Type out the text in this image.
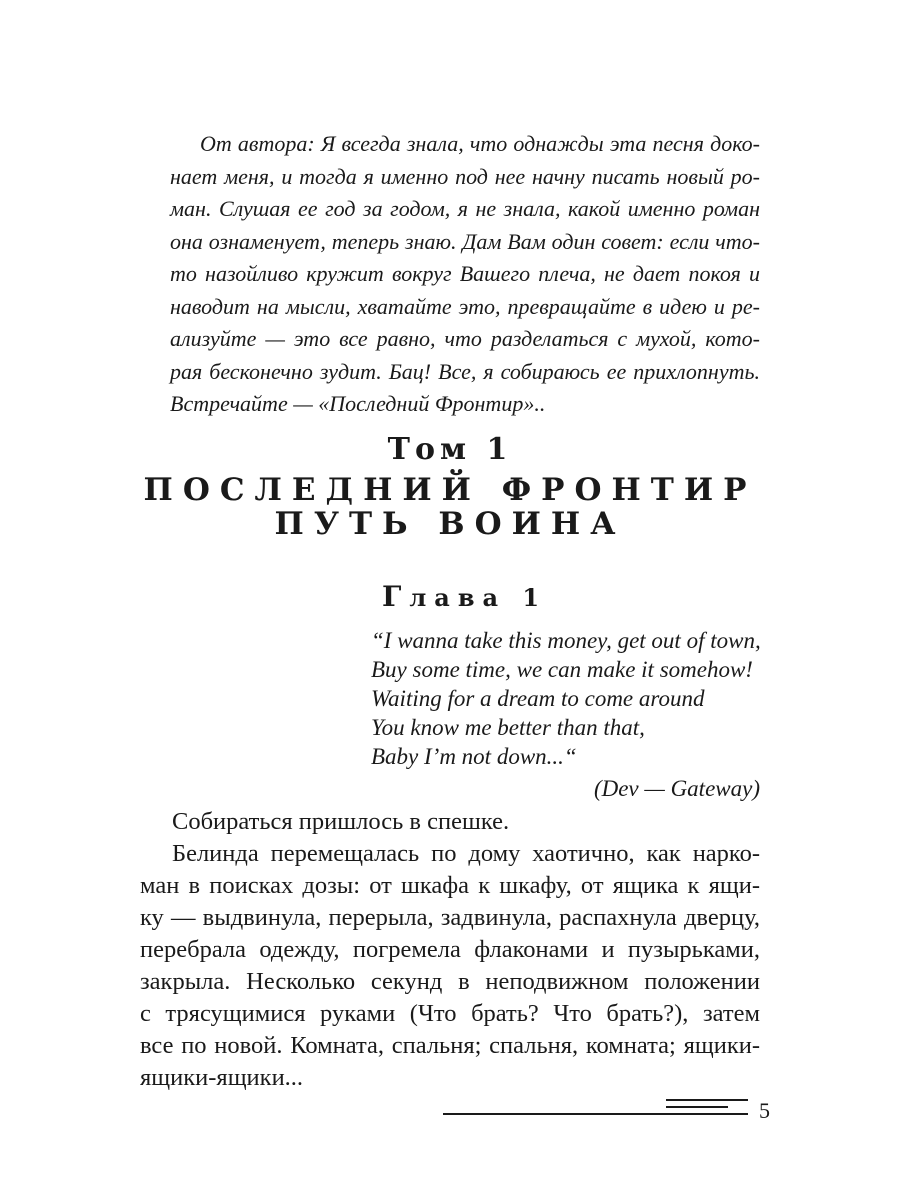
От автора: Я всегда знала, что однажды эта песня дoко-
нает меня, и тогда я именно под нее начну писать новый ро-
ман. Слушая ее год за годом, я не знала, какой именно роман
она ознаменует, теперь знаю. Дам Вам один совет: если что-
то назойливо кружит вокруг Вашего плеча, не дает покоя и
наводит на мысли, хватайте это, превращайте в идею и ре-
ализуйте — это все равно, что разделаться с мухой, кото-
рая бесконечно зудит. Бац! Все, я собираюсь ее прихлопнуть.
Встречайте — «Последний Фронтир»..
Том 1
ПОСЛЕДНИЙ ФРОНТИР
ПУТЬ ВОИНА
Глава 1
“I wanna take this money, get out of town,
Buy some time, we can make it somehow!
Waiting for a dream to come around
You know me better than that,
Baby I’m not down...“
(Dev — Gateway)
Собираться пришлось в спешке.
Белинда перемещалась по дому хаотично, как нарко-
ман в поисках дозы: от шкафа к шкафу, от ящика к ящи-
ку — выдвинула, перерыла, задвинула, распахнула дверцу,
перебрала одежду, погремела флаконами и пузырьками,
закрыла. Несколько секунд в неподвижном положении
с трясущимися руками (Что брать? Что брать?), затем
все по новой. Комната, спальня; спальня, комната; ящики-
ящики-ящики...
5
